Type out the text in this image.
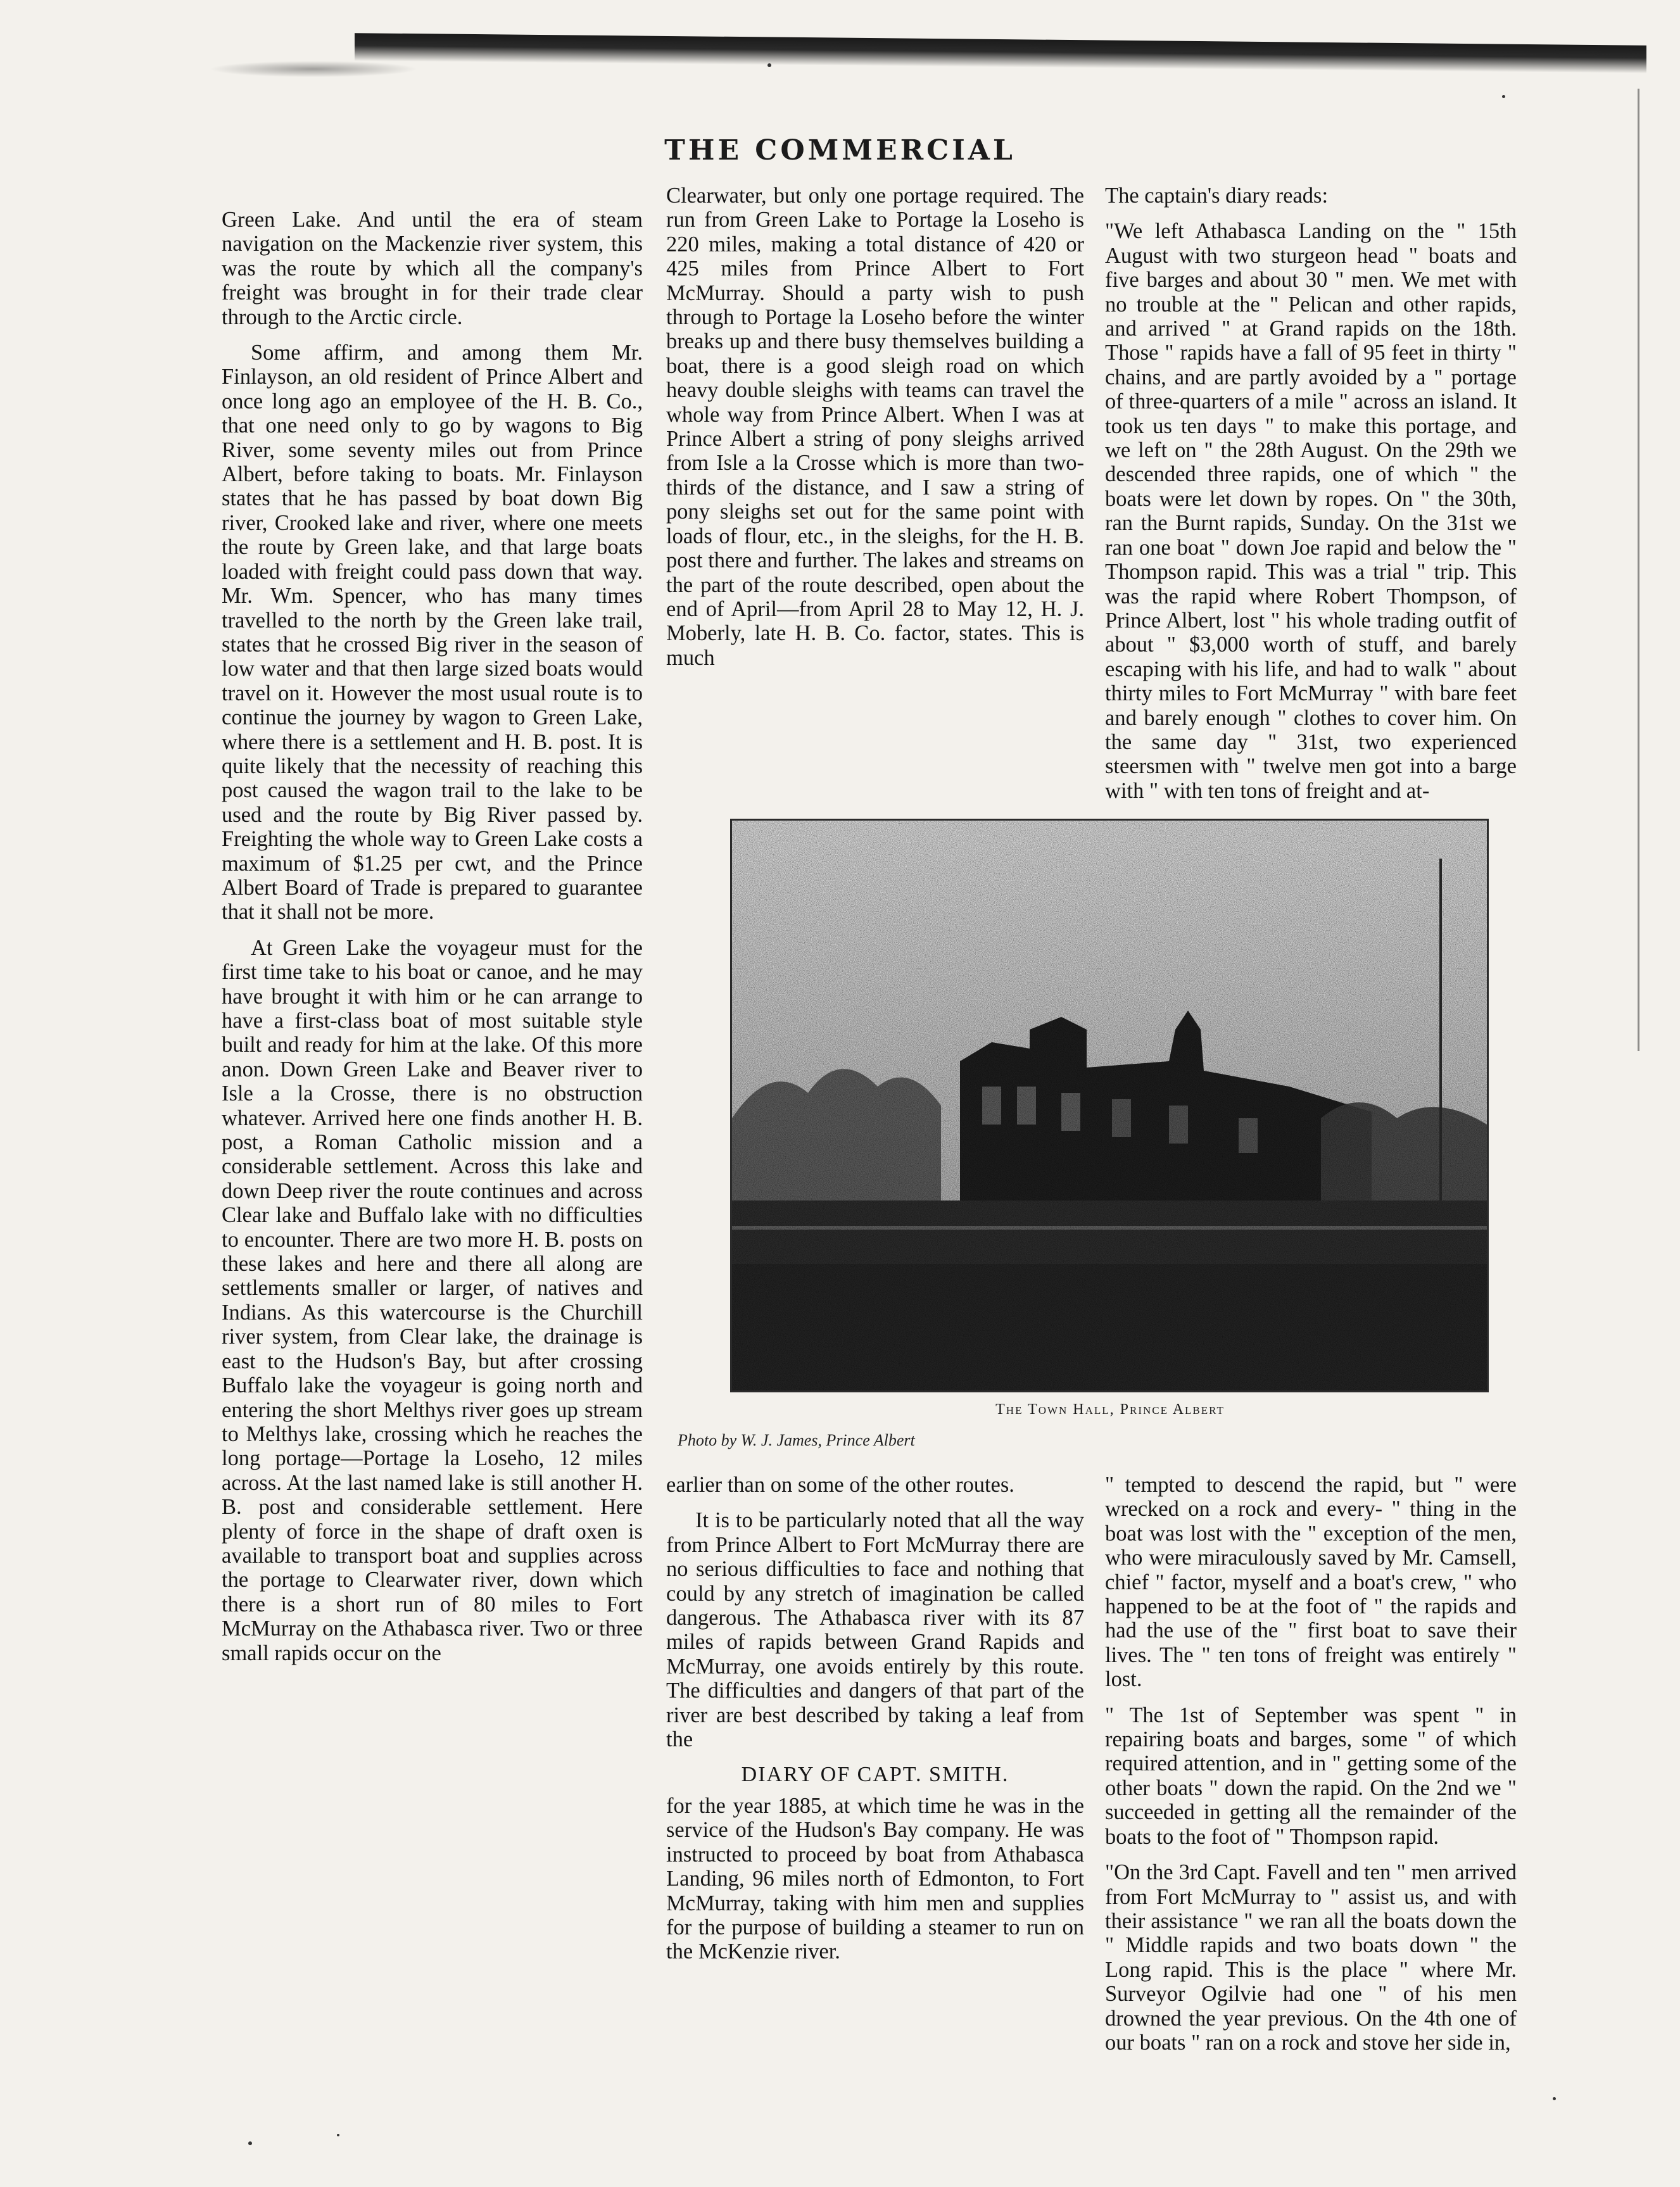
THE COMMERCIAL

Green Lake. And until the era of steam navigation on the Mackenzie river system, this was the route by which all the company's freight was brought in for their trade clear through to the Arctic circle.

Some affirm, and among them Mr. Finlayson, an old resident of Prince Albert and once long ago an employee of the H. B. Co., that one need only to go by wagons to Big River, some seventy miles out from Prince Albert, before taking to boats. Mr. Finlayson states that he has passed by boat down Big river, Crooked lake and river, where one meets the route by Green lake, and that large boats loaded with freight could pass down that way. Mr. Wm. Spencer, who has many times travelled to the north by the Green lake trail, states that he crossed Big river in the season of low water and that then large sized boats would travel on it. However the most usual route is to continue the journey by wagon to Green Lake, where there is a settlement and H. B. post. It is quite likely that the necessity of reaching this post caused the wagon trail to the lake to be used and the route by Big River passed by. Freighting the whole way to Green Lake costs a maximum of $1.25 per cwt, and the Prince Albert Board of Trade is prepared to guarantee that it shall not be more.

At Green Lake the voyageur must for the first time take to his boat or canoe, and he may have brought it with him or he can arrange to have a first-class boat of most suitable style built and ready for him at the lake. Of this more anon. Down Green Lake and Beaver river to Isle a la Crosse, there is no obstruction whatever. Arrived here one finds another H. B. post, a Roman Catholic mission and a considerable settlement. Across this lake and down Deep river the route continues and across Clear lake and Buffalo lake with no difficulties to encounter. There are two more H. B. posts on these lakes and here and there all along are settlements smaller or larger, of natives and Indians. As this watercourse is the Churchill river system, from Clear lake, the drainage is east to the Hudson's Bay, but after crossing Buffalo lake the voyageur is going north and entering the short Melthys river goes up stream to Melthys lake, crossing which he reaches the long portage—Portage la Loseho, 12 miles across. At the last named lake is still another H. B. post and considerable settlement. Here plenty of force in the shape of draft oxen is available to transport boat and supplies across the portage to Clearwater river, down which there is a short run of 80 miles to Fort McMurray on the Athabasca river. Two or three small rapids occur on the

Clearwater, but only one portage required. The run from Green Lake to Portage la Loseho is 220 miles, making a total distance of 420 or 425 miles from Prince Albert to Fort McMurray. Should a party wish to push through to Portage la Loseho before the winter breaks up and there busy themselves building a boat, there is a good sleigh road on which heavy double sleighs with teams can travel the whole way from Prince Albert. When I was at Prince Albert a string of pony sleighs arrived from Isle a la Crosse which is more than two-thirds of the distance, and I saw a string of pony sleighs set out for the same point with loads of flour, etc., in the sleighs, for the H. B. post there and further. The lakes and streams on the part of the route described, open about the end of April—from April 28 to May 12, H. J. Moberly, late H. B. Co. factor, states. This is much

The captain's diary reads:

"We left Athabasca Landing on the " 15th August with two sturgeon head " boats and five barges and about 30 " men. We met with no trouble at the " Pelican and other rapids, and arrived " at Grand rapids on the 18th. Those " rapids have a fall of 95 feet in thirty " chains, and are partly avoided by a " portage of three-quarters of a mile " across an island. It took us ten days " to make this portage, and we left on " the 28th August. On the 29th we descended three rapids, one of which " the boats were let down by ropes. On " the 30th, ran the Burnt rapids, Sunday. On the 31st we ran one boat " down Joe rapid and below the " Thompson rapid. This was a trial " trip. This was the rapid where Robert Thompson, of Prince Albert, lost " his whole trading outfit of about " $3,000 worth of stuff, and barely escaping with his life, and had to walk " about thirty miles to Fort McMurray " with bare feet and barely enough " clothes to cover him. On the same day " 31st, two experienced steersmen with " twelve men got into a barge with " with ten tons of freight and at-

The Town Hall, Prince Albert
Photo by W. J. James, Prince Albert

earlier than on some of the other routes.

It is to be particularly noted that all the way from Prince Albert to Fort McMurray there are no serious difficulties to face and nothing that could by any stretch of imagination be called dangerous. The Athabasca river with its 87 miles of rapids between Grand Rapids and McMurray, one avoids entirely by this route. The difficulties and dangers of that part of the river are best described by taking a leaf from the

DIARY OF CAPT. SMITH.

for the year 1885, at which time he was in the service of the Hudson's Bay company. He was instructed to proceed by boat from Athabasca Landing, 96 miles north of Edmonton, to Fort McMurray, taking with him men and supplies for the purpose of building a steamer to run on the McKenzie river.

" tempted to descend the rapid, but " were wrecked on a rock and every- " thing in the boat was lost with the " exception of the men, who were miraculously saved by Mr. Camsell, chief " factor, myself and a boat's crew, " who happened to be at the foot of " the rapids and had the use of the " first boat to save their lives. The " ten tons of freight was entirely " lost.

" The 1st of September was spent " in repairing boats and barges, some " of which required attention, and in " getting some of the other boats " down the rapid. On the 2nd we " succeeded in getting all the remainder of the boats to the foot of " Thompson rapid.

"On the 3rd Capt. Favell and ten " men arrived from Fort McMurray to " assist us, and with their assistance " we ran all the boats down the " Middle rapids and two boats down " the Long rapid. This is the place " where Mr. Surveyor Ogilvie had one " of his men drowned the year previous. On the 4th one of our boats " ran on a rock and stove her side in,
